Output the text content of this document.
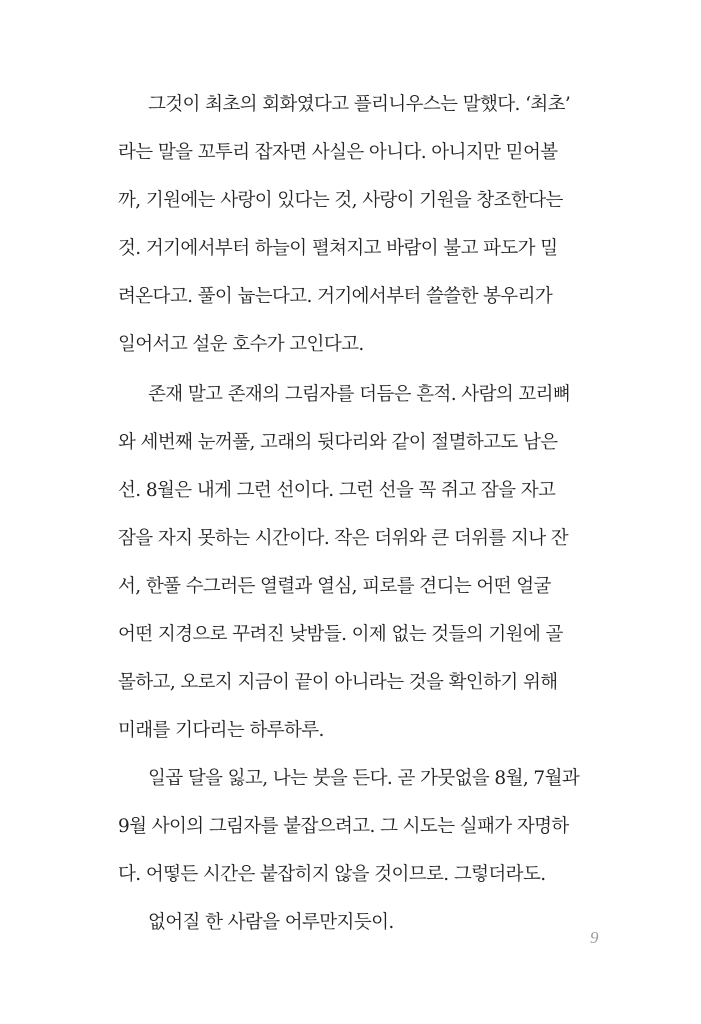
그것이 최초의 회화였다고 플리니우스는 말했다. ‘최초’
라는 말을 꼬투리 잡자면 사실은 아니다. 아니지만 믿어볼
까, 기원에는 사랑이 있다는 것, 사랑이 기원을 창조한다는
것. 거기에서부터 하늘이 펼쳐지고 바람이 불고 파도가 밀
려온다고. 풀이 눕는다고. 거기에서부터 쓸쓸한 봉우리가
일어서고 설운 호수가 고인다고.
존재 말고 존재의 그림자를 더듬은 흔적. 사람의 꼬리뼈
와 세번째 눈꺼풀, 고래의 뒷다리와 같이 절멸하고도 남은
선. 8월은 내게 그런 선이다. 그런 선을 꼭 쥐고 잠을 자고
잠을 자지 못하는 시간이다. 작은 더위와 큰 더위를 지나 잔
서, 한풀 수그러든 열렬과 열심, 피로를 견디는 어떤 얼굴
어떤 지경으로 꾸려진 낮밤들. 이제 없는 것들의 기원에 골
몰하고, 오로지 지금이 끝이 아니라는 것을 확인하기 위해
미래를 기다리는 하루하루.
일곱 달을 잃고, 나는 붓을 든다. 곧 가뭇없을 8월, 7월과
9월 사이의 그림자를 붙잡으려고. 그 시도는 실패가 자명하
다. 어떻든 시간은 붙잡히지 않을 것이므로. 그렇더라도.
없어질 한 사람을 어루만지듯이.
9
